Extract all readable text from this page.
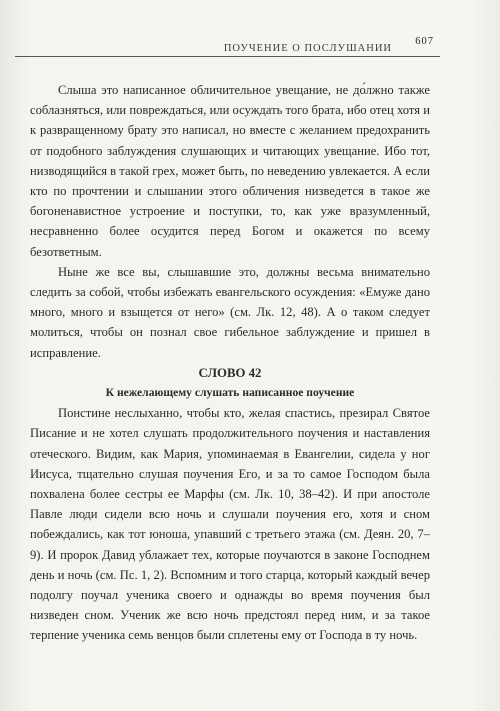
ПОУЧЕНИЕ О ПОСЛУШАНИИ
607

Слыша это написанное обличительное увещание, не до́лжно также соблазняться, или повреждаться, или осуждать того брата, ибо отец хотя и к развращенному брату это написал, но вместе с желанием предохранить от подобного заблуждения слушающих и читающих увещание. Ибо тот, низводящийся в такой грех, может быть, по неведению увлекается. А если кто по прочтении и слышании этого обличения низведется в такое же богоненавистное устроение и поступки, то, как уже вразумленный, несравненно более осудится перед Богом и окажется по всему безответным.

Ныне же все вы, слышавшие это, должны весьма внимательно следить за собой, чтобы избежать евангельского осуждения: «Емуже дано много, много и взыщется от него» (см. Лк. 12, 48). А о таком следует молиться, чтобы он познал свое гибельное заблуждение и пришел в исправление.

СЛОВО 42

К нежелающему слушать написанное поучение

Понстине неслыханно, чтобы кто, желая спастись, презирал Святое Писание и не хотел слушать продолжительного поучения и наставления отеческого. Видим, как Мария, упоминаемая в Евангелии, сидела у ног Иисуса, тщательно слушая поучения Его, и за то самое Господом была похвалена более сестры ее Марфы (см. Лк. 10, 38–42). И при апостоле Павле люди сидели всю ночь и слушали поучения его, хотя и сном побеждались, как тот юноша, упавший с третьего этажа (см. Деян. 20, 7–9). И пророк Давид ублажает тех, которые поучаются в законе Господнем день и ночь (см. Пс. 1, 2). Вспомним и того старца, который каждый вечер подолгу поучал ученика своего и однажды во время поучения был низведен сном. Ученик же всю ночь предстоял перед ним, и за такое терпение ученика семь венцов были сплетены ему от Господа в ту ночь.
